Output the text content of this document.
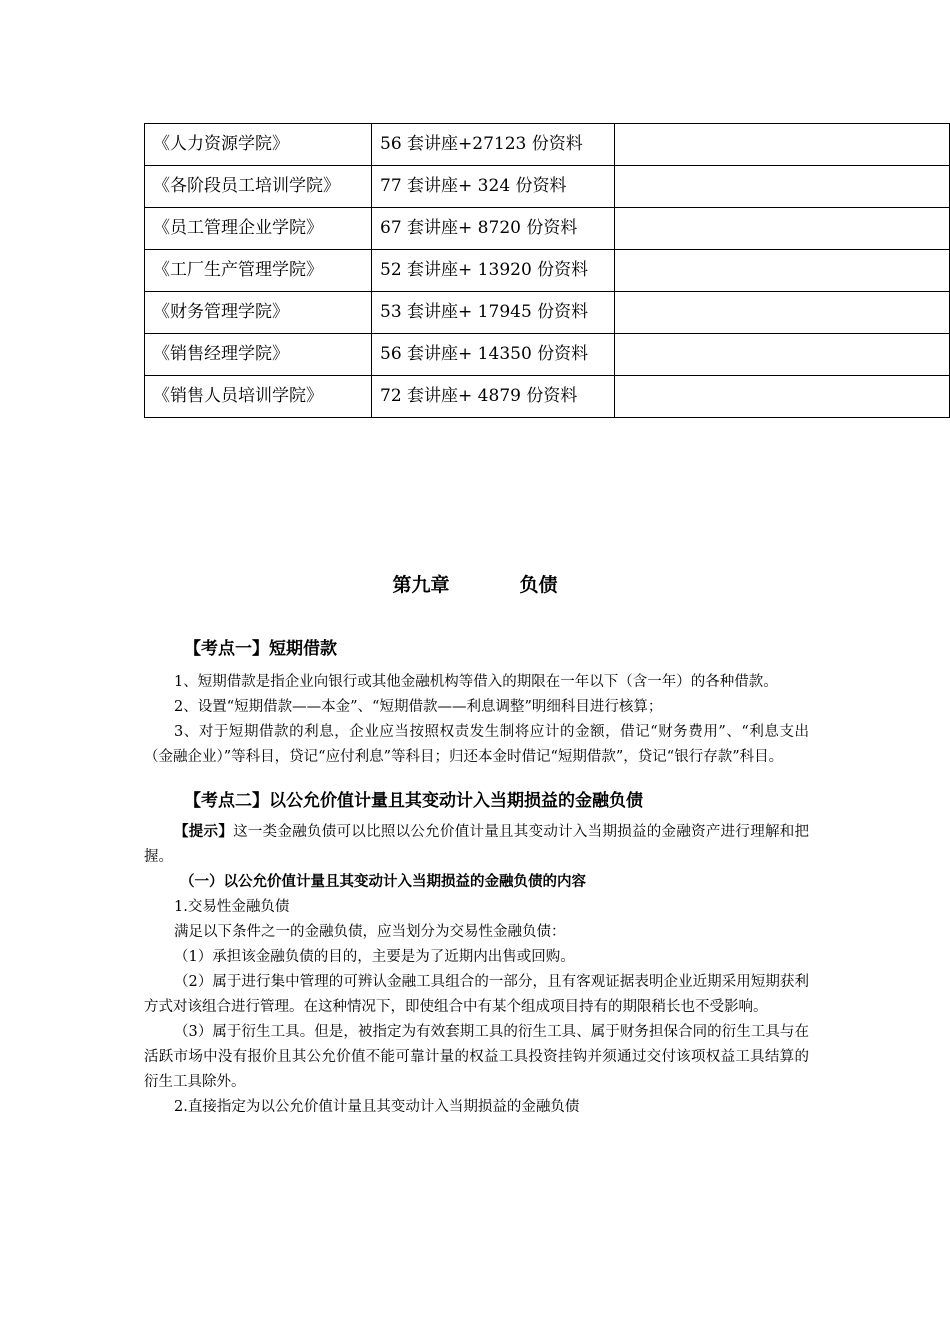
《人力资源学院》	56 套讲座+27123 份资料	
《各阶段员工培训学院》	77 套讲座+ 324 份资料	
《员工管理企业学院》	67 套讲座+ 8720 份资料	
《工厂生产管理学院》	52 套讲座+ 13920 份资料	
《财务管理学院》	53 套讲座+ 17945 份资料	
《销售经理学院》	56 套讲座+ 14350 份资料	
《销售人员培训学院》	72 套讲座+ 4879 份资料	
第九章	负债

【考点一】短期借款

1、短期借款是指企业向银行或其他金融机构等借入的期限在一年以下（含一年）的各种借款。

2、设置“短期借款——本金”、“短期借款——利息调整”明细科目进行核算；

3、对于短期借款的利息，企业应当按照权责发生制将应计的金额，借记“财务费用”、“利息支出（金融企业）”等科目，贷记“应付利息”等科目；归还本金时借记“短期借款”，贷记“银行存款”科目。

【考点二】以公允价值计量且其变动计入当期损益的金融负债

【提示】这一类金融负债可以比照以公允价值计量且其变动计入当期损益的金融资产进行理解和把握。

（一）以公允价值计量且其变动计入当期损益的金融负债的内容

1.交易性金融负债

满足以下条件之一的金融负债，应当划分为交易性金融负债：

（1）承担该金融负债的目的，主要是为了近期内出售或回购。

（2）属于进行集中管理的可辨认金融工具组合的一部分，且有客观证据表明企业近期采用短期获利方式对该组合进行管理。在这种情况下，即使组合中有某个组成项目持有的期限稍长也不受影响。

（3）属于衍生工具。但是，被指定为有效套期工具的衍生工具、属于财务担保合同的衍生工具与在活跃市场中没有报价且其公允价值不能可靠计量的权益工具投资挂钩并须通过交付该项权益工具结算的衍生工具除外。

2.直接指定为以公允价值计量且其变动计入当期损益的金融负债
